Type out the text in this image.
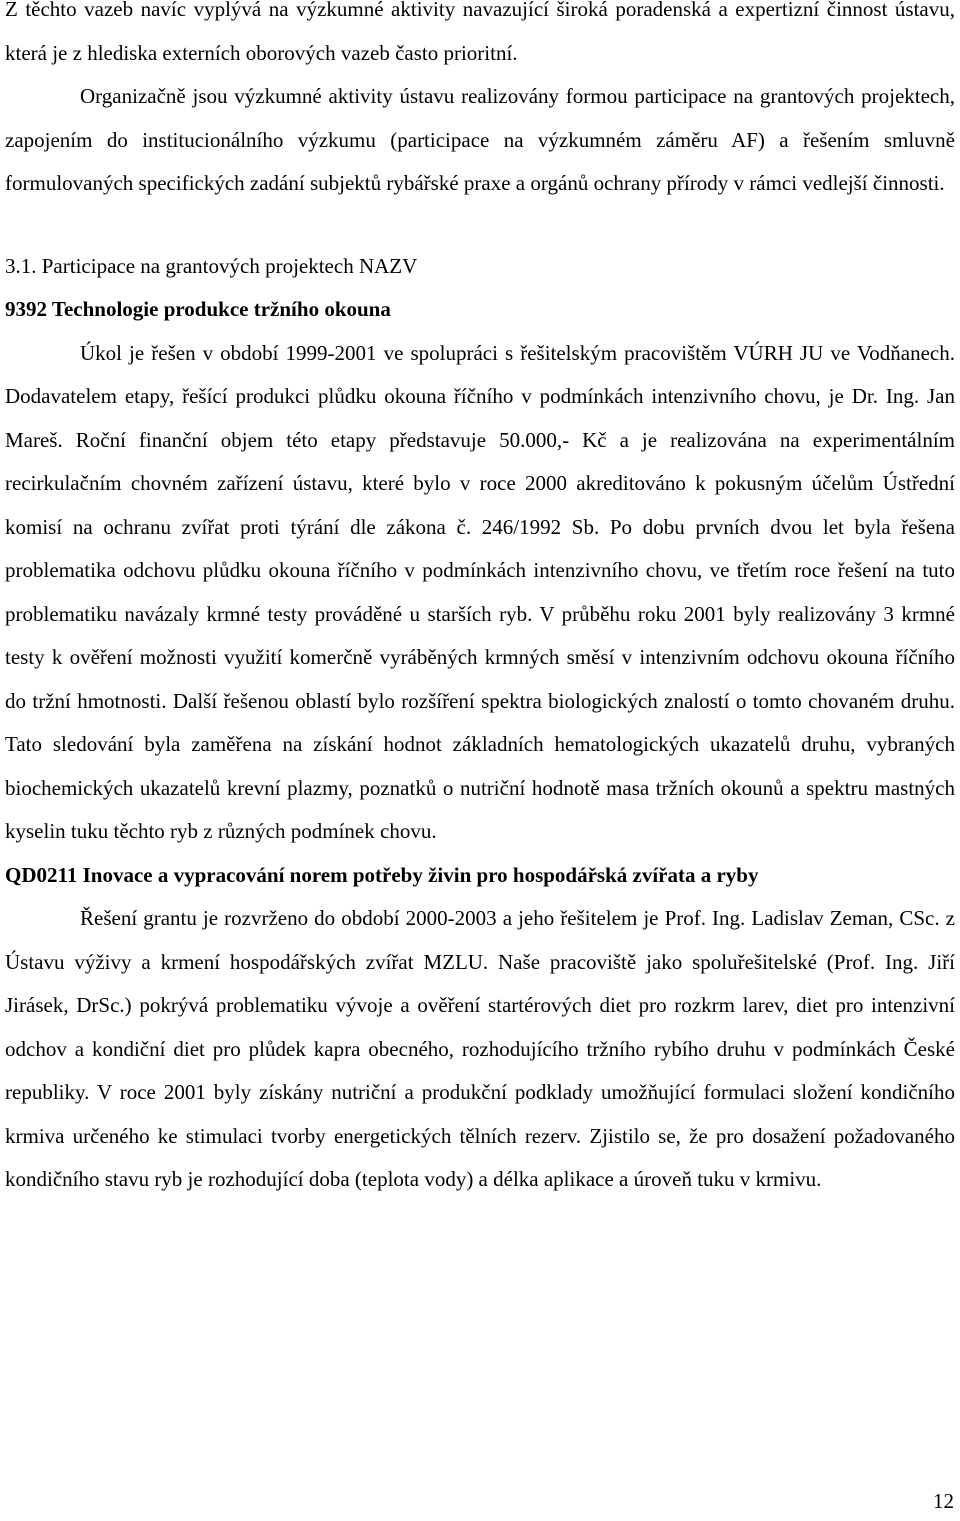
Z těchto vazeb navíc vyplývá na výzkumné aktivity navazující široká poradenská a expertizní činnost ústavu, která je z hlediska externích oborových vazeb často prioritní.

Organizačně jsou výzkumné aktivity ústavu realizovány formou participace na grantových projektech, zapojením do institucionálního výzkumu (participace na výzkumném záměru AF) a řešením smluvně formulovaných specifických zadání subjektů rybářské praxe a orgánů ochrany přírody v rámci vedlejší činnosti.

3.1. Participace na grantových projektech NAZV

9392 Technologie produkce tržního okouna

Úkol je řešen v období 1999-2001 ve spolupráci s řešitelským pracovištěm VÚRH JU ve Vodňanech. Dodavatelem etapy, řešící produkci plůdku okouna říčního v podmínkách intenzivního chovu, je Dr. Ing. Jan Mareš. Roční finanční objem této etapy představuje 50.000,- Kč a je realizována na experimentálním recirkulačním chovném zařízení ústavu, které bylo v roce 2000 akreditováno k pokusným účelům Ústřední komisí na ochranu zvířat proti týrání dle zákona č. 246/1992 Sb. Po dobu prvních dvou let byla řešena problematika odchovu plůdku okouna říčního v podmínkách intenzivního chovu, ve třetím roce řešení na tuto problematiku navázaly krmné testy prováděné u starších ryb. V průběhu roku 2001 byly realizovány 3 krmné testy k ověření možnosti využití komerčně vyráběných krmných směsí v intenzivním odchovu okouna říčního do tržní hmotnosti. Další řešenou oblastí bylo rozšíření spektra biologických znalostí o tomto chovaném druhu. Tato sledování byla zaměřena na získání hodnot základních hematologických ukazatelů druhu, vybraných biochemických ukazatelů krevní plazmy, poznatků o nutriční hodnotě masa tržních okounů a spektru mastných kyselin tuku těchto ryb z různých podmínek chovu.

QD0211 Inovace a vypracování norem potřeby živin pro hospodářská zvířata a ryby

Řešení grantu je rozvrženo do období 2000-2003 a jeho řešitelem je Prof. Ing. Ladislav Zeman, CSc. z Ústavu výživy a krmení hospodářských zvířat MZLU. Naše pracoviště jako spoluřešitelské (Prof. Ing. Jiří Jirásek, DrSc.) pokrývá problematiku vývoje a ověření startérových diet pro rozkrm larev, diet pro intenzivní odchov a kondiční diet pro plůdek kapra obecného, rozhodujícího tržního rybího druhu v podmínkách České republiky. V roce 2001 byly získány nutriční a produkční podklady umožňující formulaci složení kondičního krmiva určeného ke stimulaci tvorby energetických tělních rezerv. Zjistilo se, že pro dosažení požadovaného kondičního stavu ryb je rozhodující doba (teplota vody) a délka aplikace a úroveň tuku v krmivu.

12
